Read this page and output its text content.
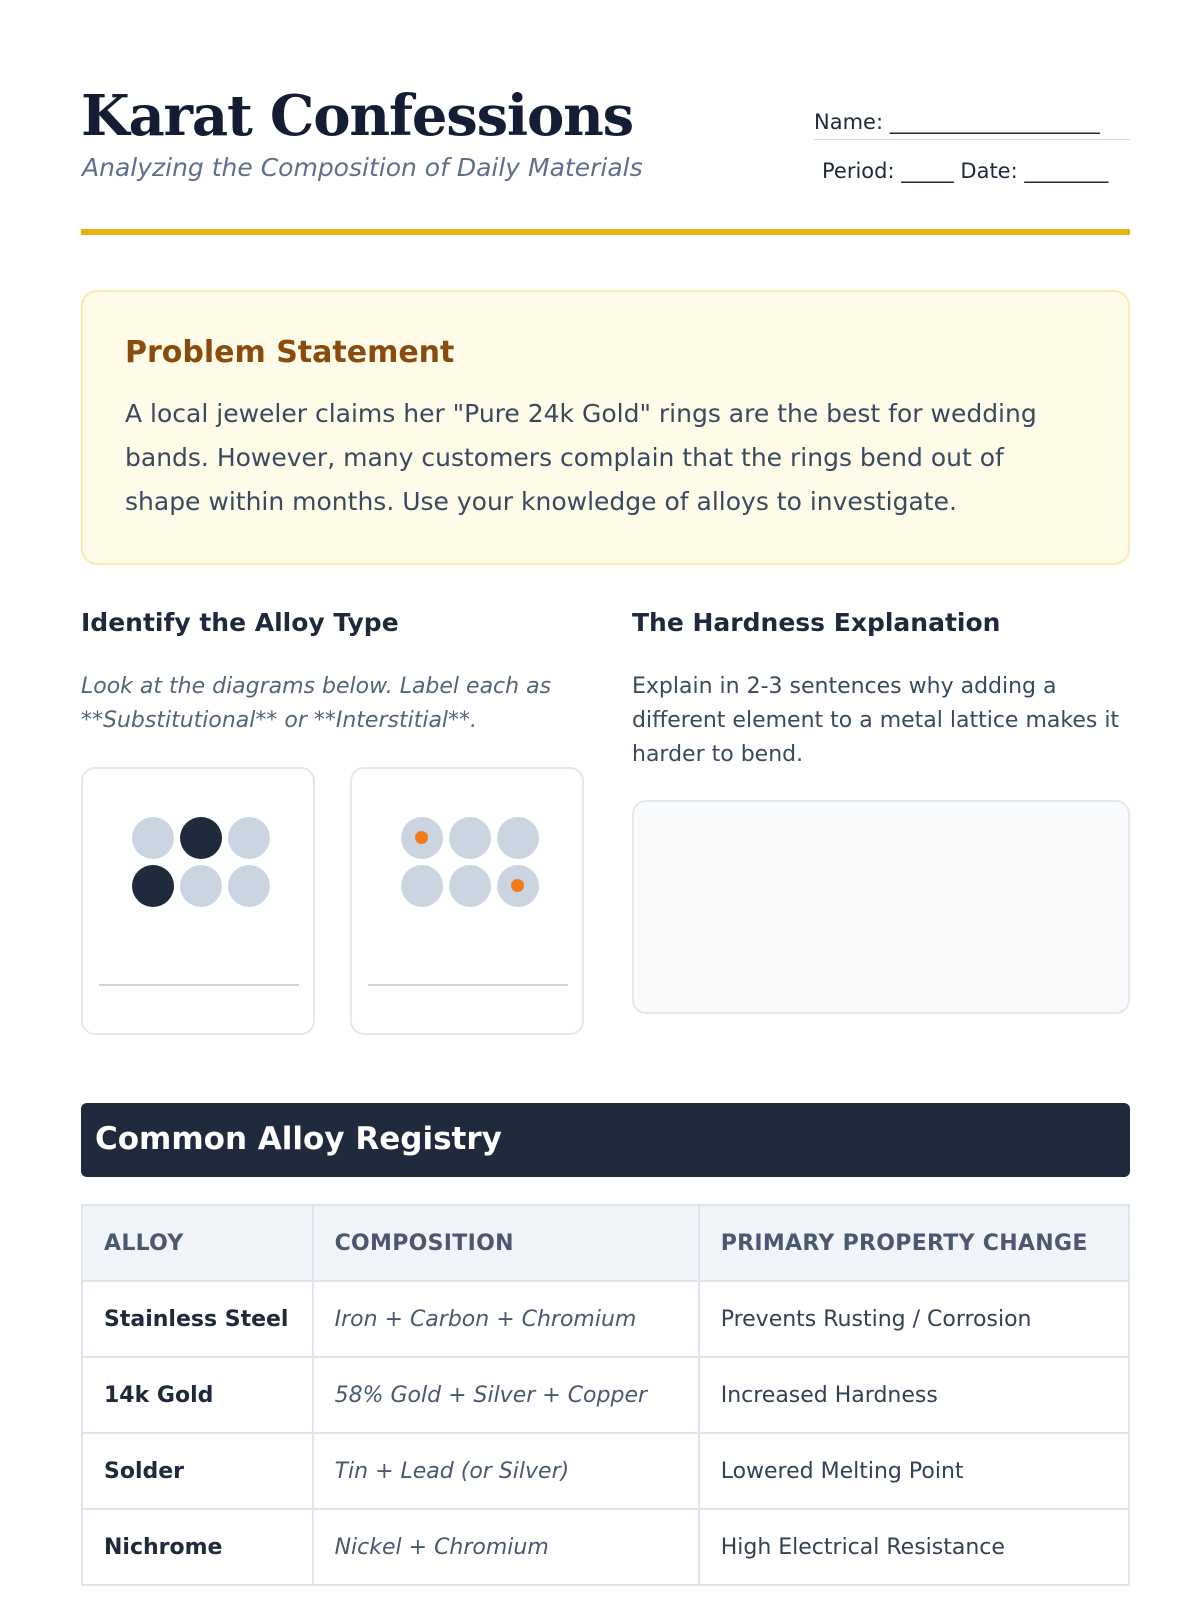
Karat Confessions
Analyzing the Composition of Daily Materials
Name: ____________________
Period: _____ Date: ________
Problem Statement

A local jeweler claims her "Pure 24k Gold" rings are the best for wedding bands. However, many customers complain that the rings bend out of shape within months. Use your knowledge of alloys to investigate.

Identify the Alloy Type

Look at the diagrams below. Label each as **Substitutional** or **Interstitial**.

The Hardness Explanation

Explain in 2-3 sentences why adding a different element to a metal lattice makes it harder to bend.

Common Alloy Registry
ALLOY	COMPOSITION	PRIMARY PROPERTY CHANGE
Stainless Steel	Iron + Carbon + Chromium	Prevents Rusting / Corrosion
14k Gold	58% Gold + Silver + Copper	Increased Hardness
Solder	Tin + Lead (or Silver)	Lowered Melting Point
Nichrome	Nickel + Chromium	High Electrical Resistance
